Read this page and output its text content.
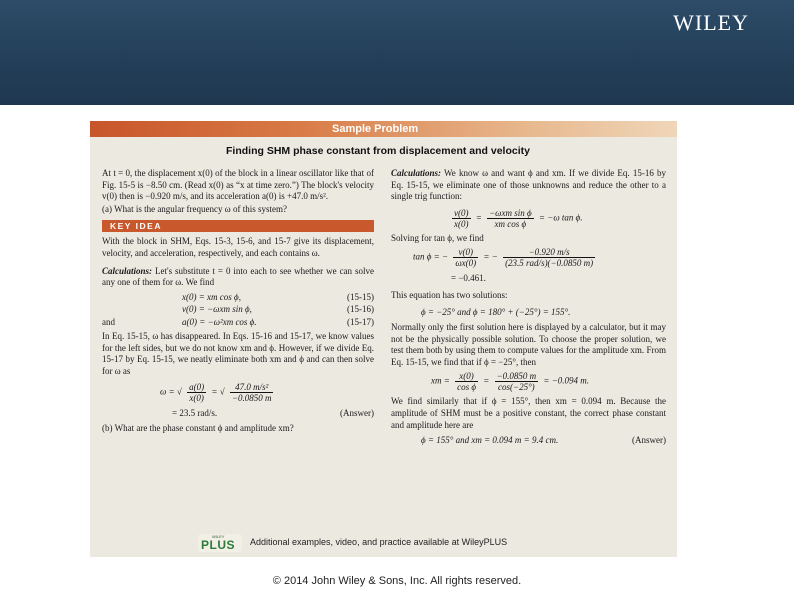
WILEY
Sample Problem
Finding SHM phase constant from displacement and velocity

At t = 0, the displacement x(0) of the block in a linear oscillator like that of Fig. 15-5 is −8.50 cm. (Read x(0) as “x at time zero.”) The block's velocity v(0) then is −0.920 m/s, and its acceleration a(0) is +47.0 m/s².

(a) What is the angular frequency ω of this system?

KEY IDEA

With the block in SHM, Eqs. 15-3, 15-6, and 15-7 give its displacement, velocity, and acceleration, respectively, and each contains ω.

Calculations: Let's substitute t = 0 into each to see whether we can solve any one of them for ω. We find

x(0) = xm cos ϕ,	(15-15)
v(0) = −ωxm sin ϕ,	(15-16)
and	a(0) = −ω²xm cos ϕ.	(15-17)

In Eq. 15-15, ω has disappeared. In Eqs. 15-16 and 15-17, we know values for the left sides, but we do not know xm and ϕ. However, if we divide Eq. 15-17 by Eq. 15-15, we neatly eliminate both xm and ϕ and can then solve for ω as

ω = √ $\frac{a(0)}{x(0)}$ = √ $\frac{\text{47.0 m/s²}}{-0.0850 m}$
= 23.5 rad/s.	(Answer)

(b) What are the phase constant ϕ and amplitude xm?

Calculations: We know ω and want ϕ and xm. If we divide Eq. 15-16 by Eq. 15-15, we eliminate one of those unknowns and reduce the other to a single trig function:

$\frac{v(0)}{x(0)} = \frac{\text{−ωxm sin ϕ}}{\text{xm cos ϕ}} = -\omega$ tan ϕ.

Solving for tan ϕ, we find

tan ϕ = − $\frac{v(0)}{\omega x(0)}$ = − $\frac{-0.920 m/s}{\text{(23.5 rad/s)(−0.0850 m)}}$
= −0.461.

This equation has two solutions:

ϕ = −25° and ϕ = 180° + (−25°) = 155°.

Normally only the first solution here is displayed by a calculator, but it may not be the physically possible solution. To choose the proper solution, we test them both by using them to compute values for the amplitude xm. From Eq. 15-15, we find that if ϕ = −25°, then

xm = $\frac{x(0)}{\text{cos ϕ}} = \frac{-0.0850 m}{\cos(-25^\circ)} = -0.094$ m.

We find similarly that if ϕ = 155°, then xm = 0.094 m. Because the amplitude of SHM must be a positive constant, the correct phase constant and amplitude here are

ϕ = 155° and xm = 0.094 m = 9.4 cm.	(Answer)
WILEY
PLUS Additional examples, video, and practice available at WileyPLUS
© 2014 John Wiley & Sons, Inc. All rights reserved.
